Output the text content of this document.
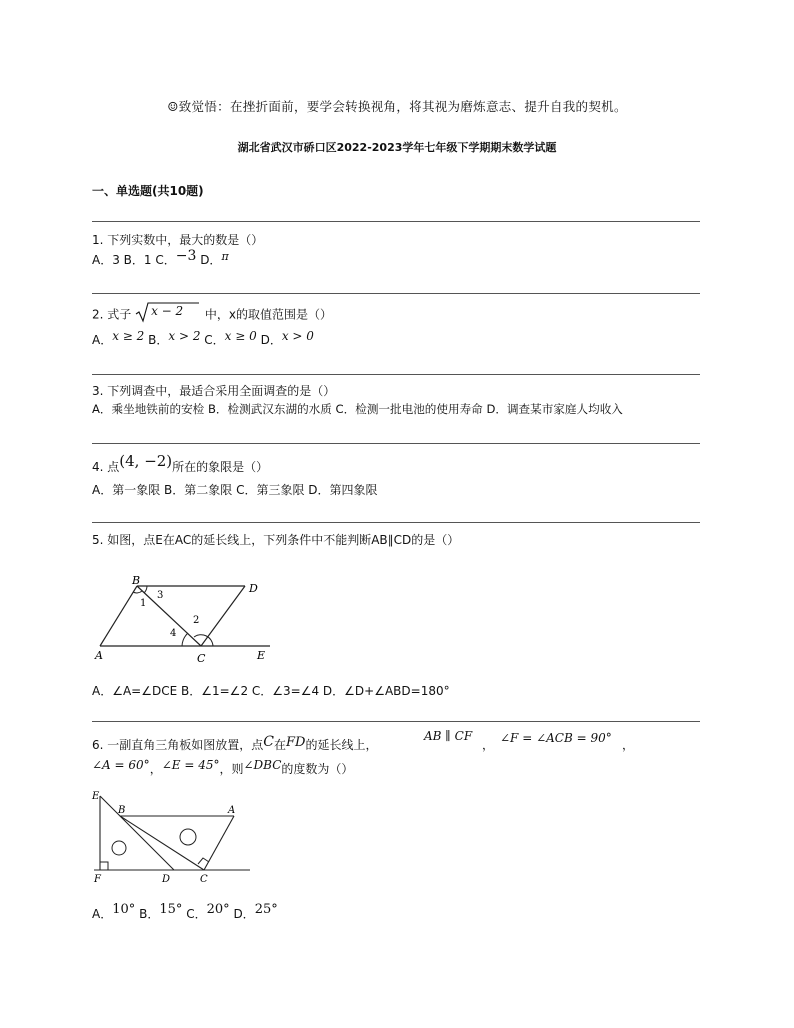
☺致觉悟：在挫折面前，要学会转换视角，将其视为磨炼意志、提升自我的契机。
湖北省武汉市硚口区2022-2023学年七年级下学期期末数学试题
一、单选题(共10题)
1. 下列实数中，最大的数是（）
A．3 B．1 C．−3 D．π
2. 式子 x − 2 中，x的取值范围是（）
A．x ≥ 2 B．x > 2 C．x ≥ 0 D．x > 0
3. 下列调查中，最适合采用全面调查的是（）
A．乘坐地铁前的安检 B．检测武汉东湖的水质 C．检测一批电池的使用寿命 D．调查某市家庭人均收入
4. 点(4, −2)所在的象限是（）
A．第一象限 B．第二象限 C．第三象限 D．第四象限
5. 如图，点E在AC的延长线上，下列条件中不能判断AB∥CD的是（）
B
D
A	C	E
1
3
4
2
A．∠A=∠DCE B．∠1=∠2 C．∠3=∠4 D．∠D+∠ABD=180°
6. 一副直角三角板如图放置，点C在FD的延长线上，
AB ∥ CF
， ∠F = ∠ACB = 90° ，
∠A = 60°，∠E = 45°，则∠DBC的度数为（）
E
B	A
F	D	C
A．10° B．15° C．20° D．25°
